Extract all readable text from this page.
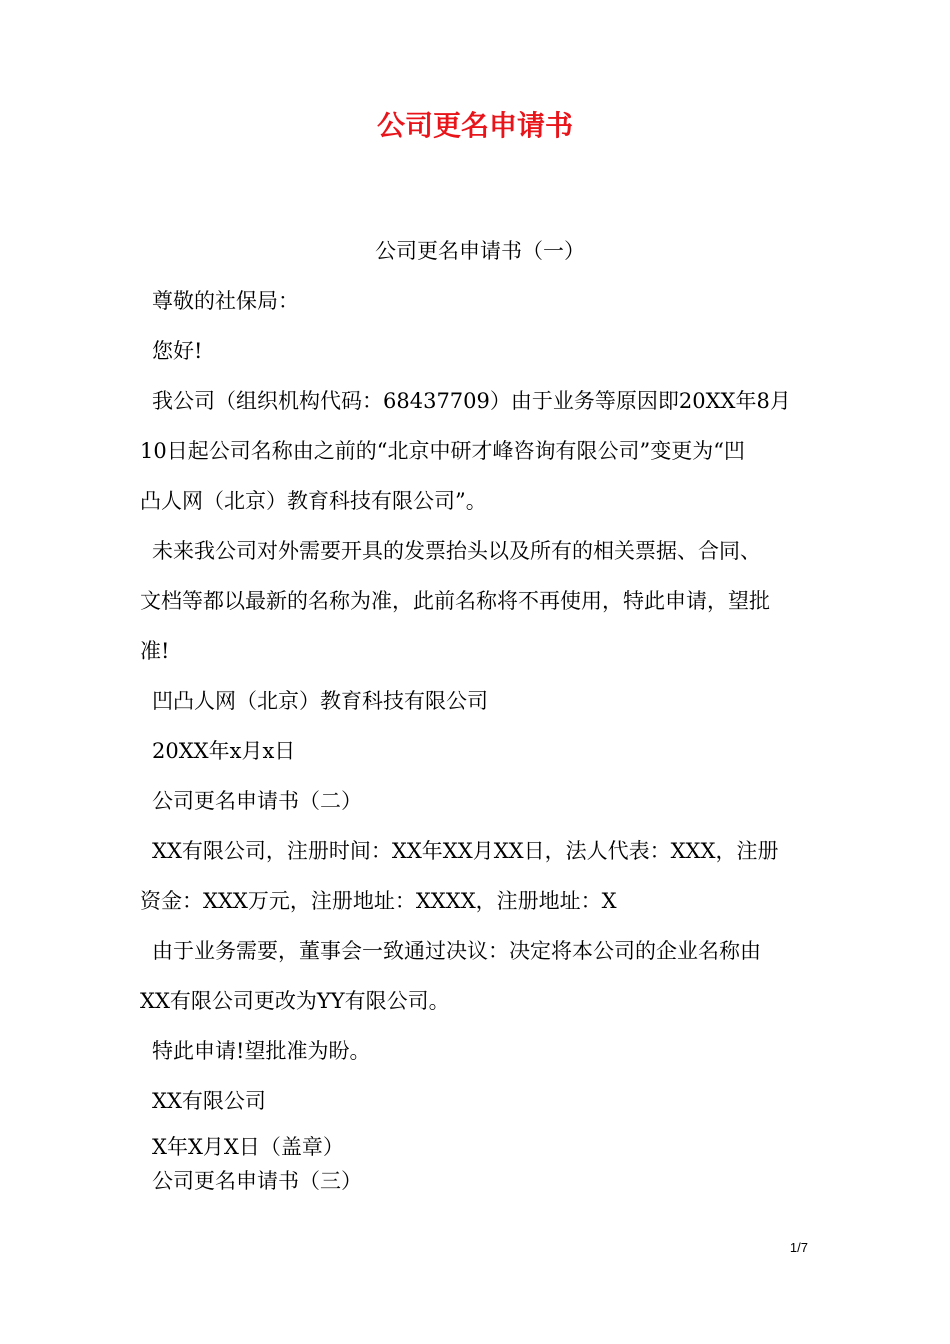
公司更名申请书

公司更名申请书（一）

尊敬的社保局：

您好!

我公司（组织机构代码：68437709）由于业务等原因即20XX年8月

10日起公司名称由之前的“北京中研才峰咨询有限公司”变更为“凹

凸人网（北京）教育科技有限公司”。

未来我公司对外需要开具的发票抬头以及所有的相关票据、合同、

文档等都以最新的名称为准，此前名称将不再使用，特此申请，望批

准!

凹凸人网（北京）教育科技有限公司

20XX年x月x日

公司更名申请书（二）

XX有限公司，注册时间：XX年XX月XX日，法人代表：XXX，注册

资金：XXX万元，注册地址：XXXX，注册地址：X

由于业务需要，董事会一致通过决议：决定将本公司的企业名称由

XX有限公司更改为YY有限公司。

特此申请!望批准为盼。

XX有限公司

X年X月X日（盖章）

公司更名申请书（三）

1/7
